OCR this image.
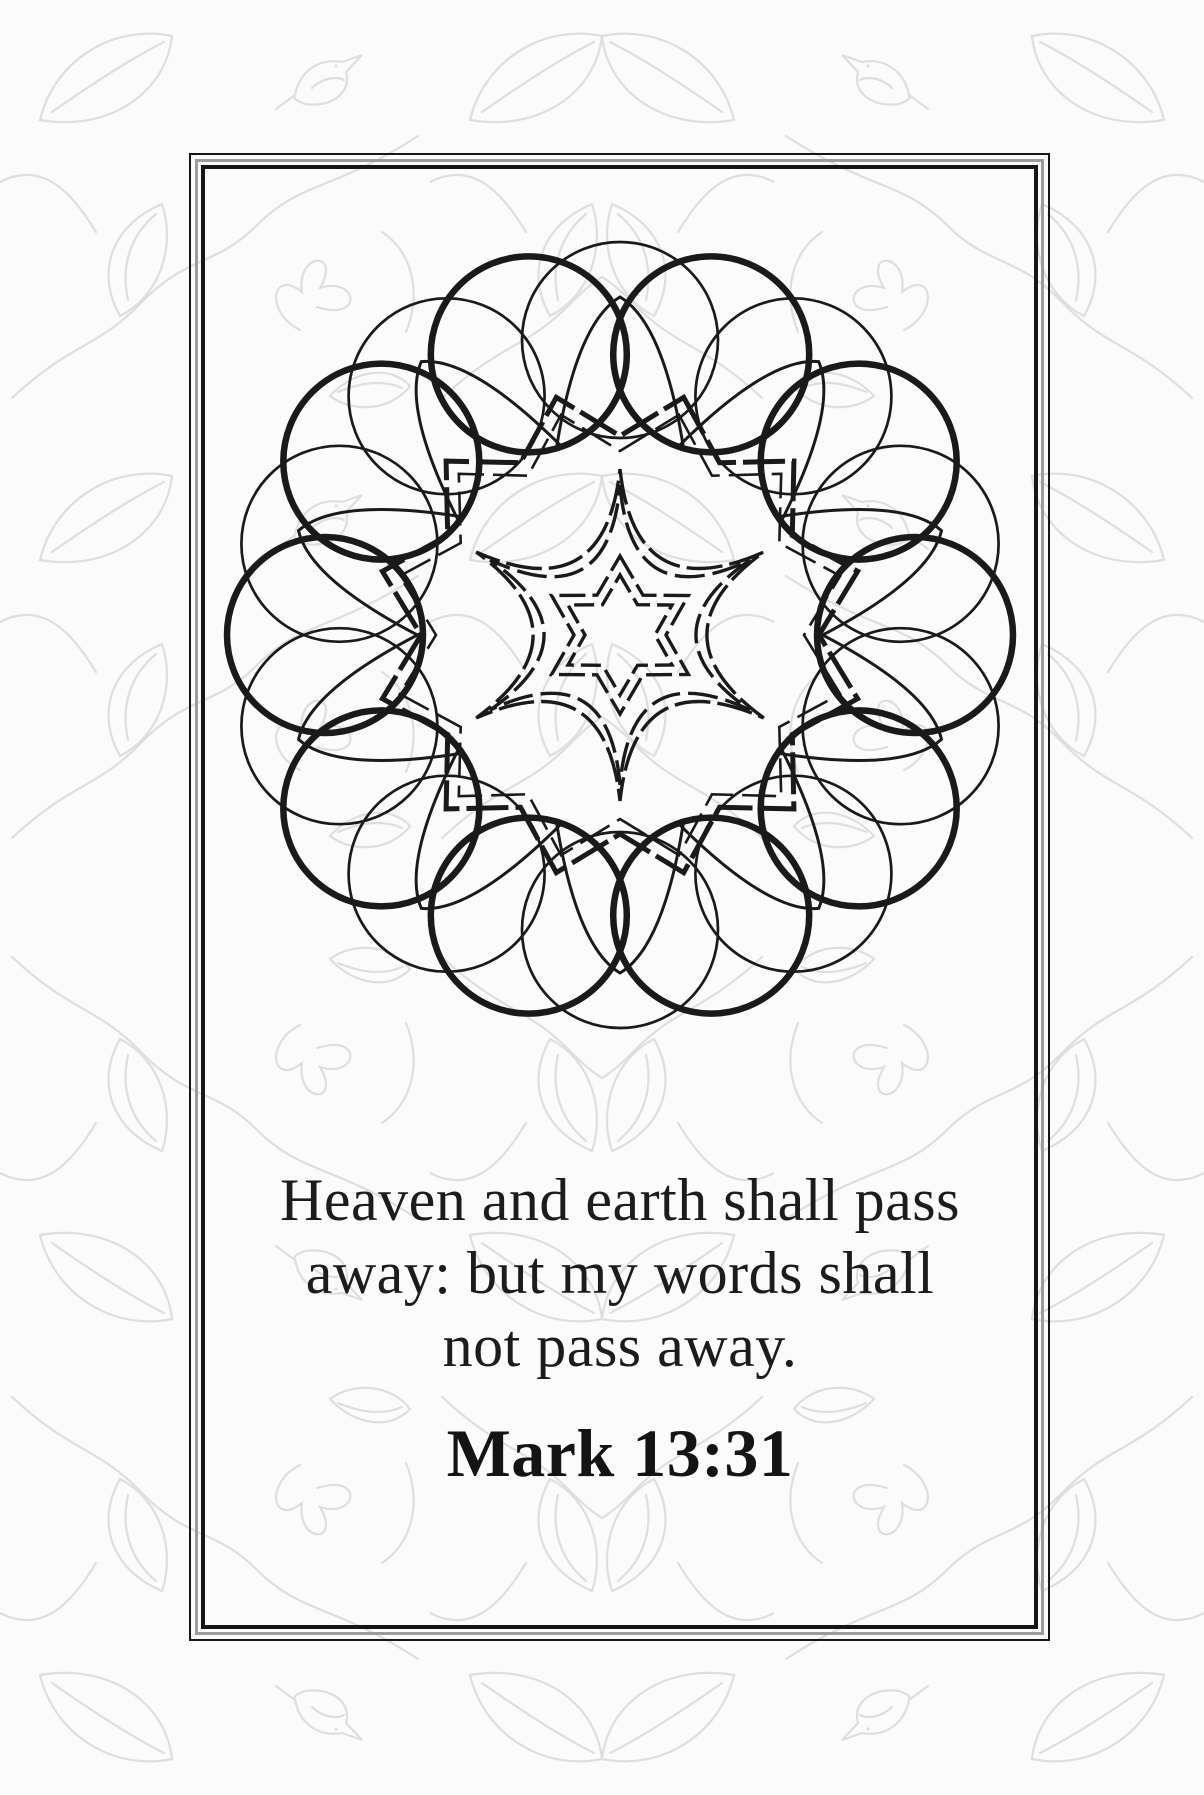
Heaven and earth shall pass
away: but my words shall
not pass away.
Mark 13:31
